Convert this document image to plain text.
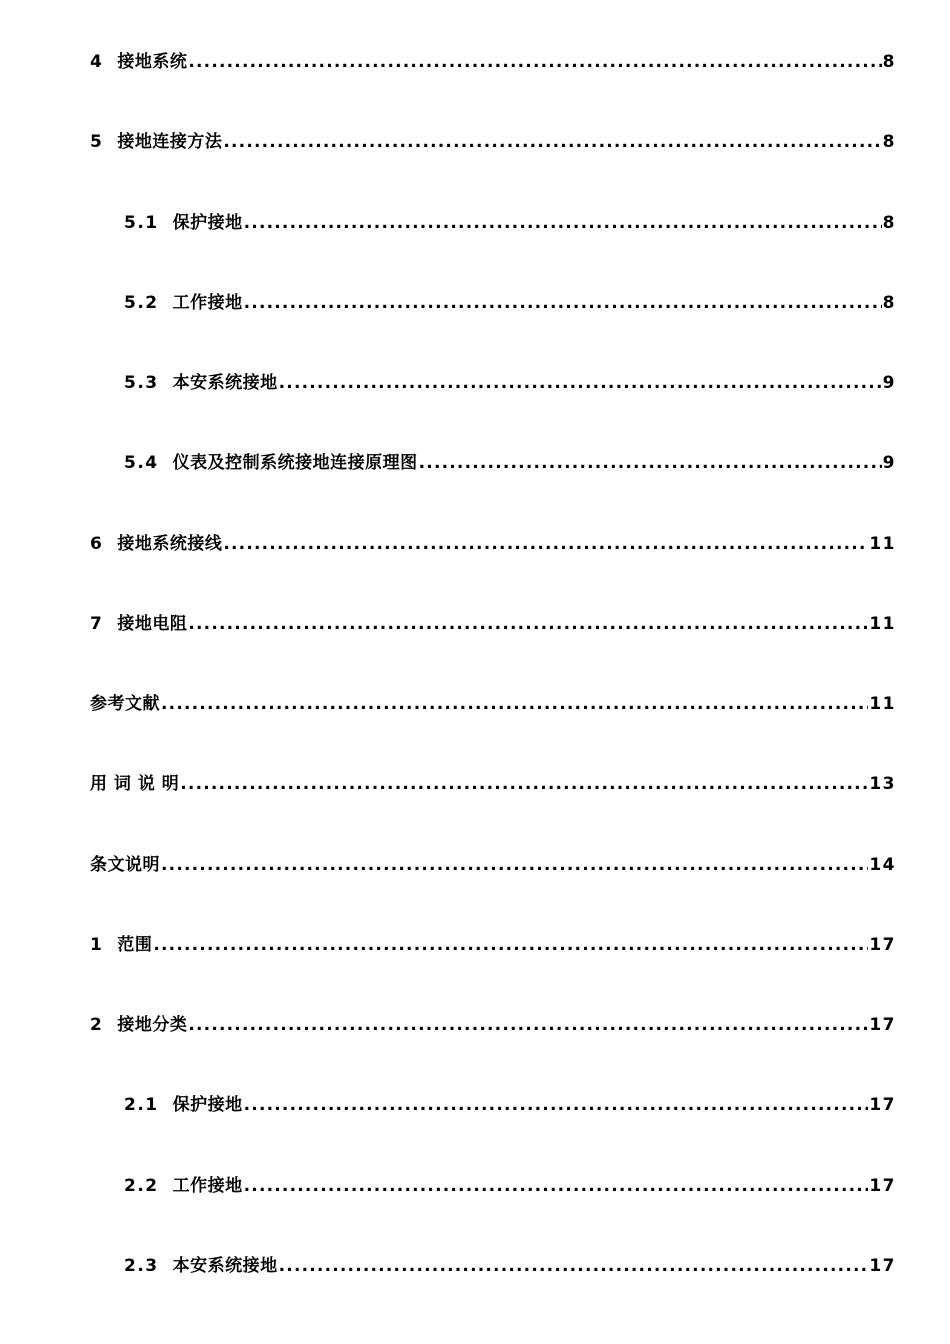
4 接地系统 .....	8
5 接地连接方法 .....	8
5.1 保护接地 .....	8
5.2 工作接地 .....	8
5.3 本安系统接地 .....	9
5.4 仪表及控制系统接地连接原理图 .....	9
6 接地系统接线 .....	11
7 接地电阻 .....	11
参考文献 .....	11
用 词 说 明 .....	13
条文说明 .....	14
1 范围 .....	17
2 接地分类 .....	17
2.1 保护接地 .....	17
2.2 工作接地 .....	17
2.3 本安系统接地 .....	17
